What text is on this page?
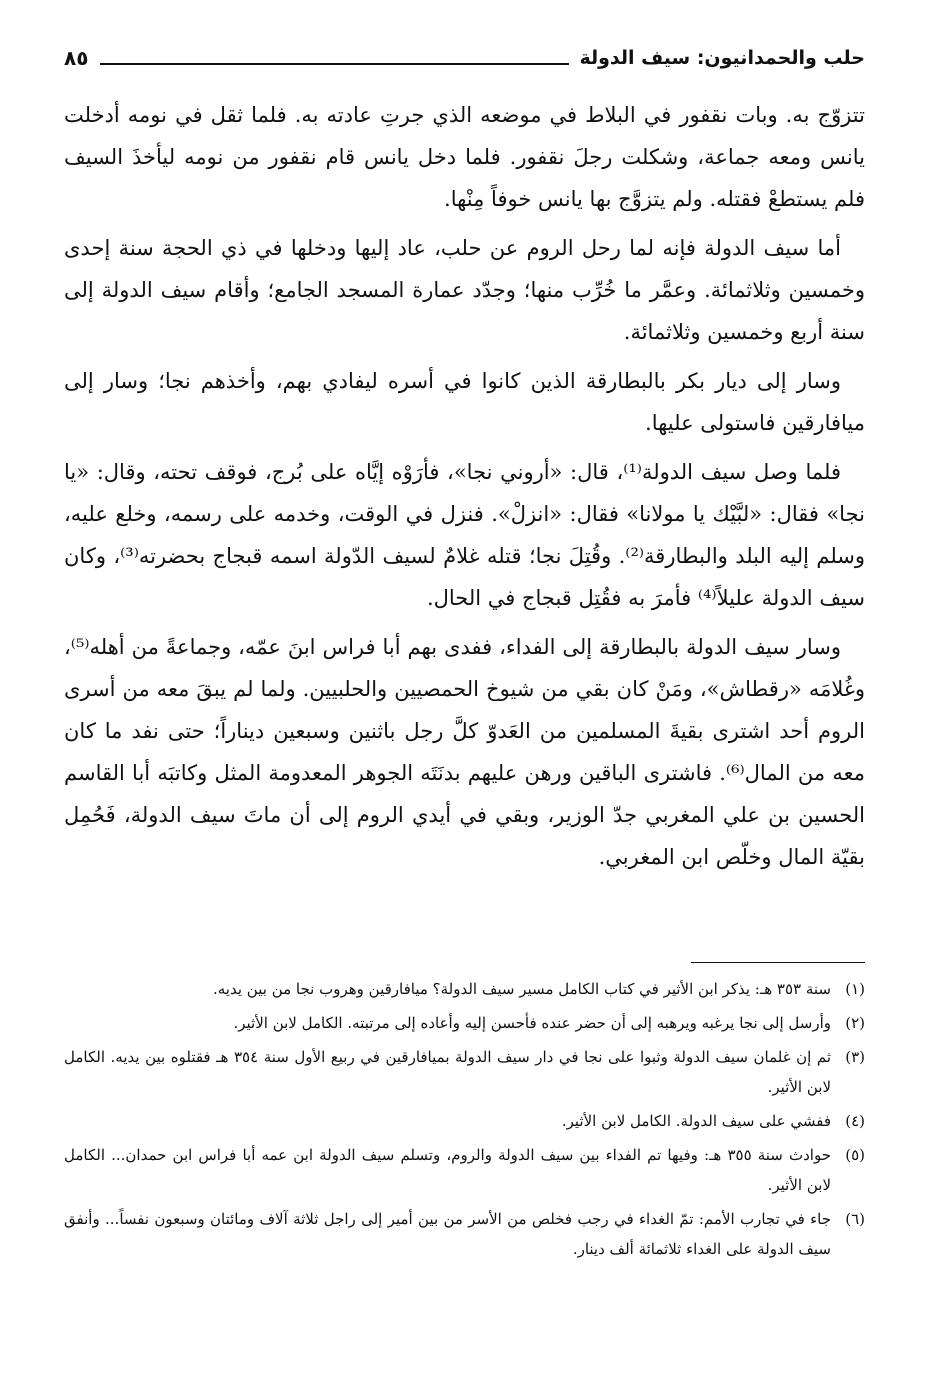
حلب والحمدانيون: سيف الدولة
٨٥

تتزوّج به. وبات نقفور في البلاط في موضعه الذي جرتِ عادته به. فلما ثقل في نومه أدخلت يانس ومعه جماعة، وشكلت رجلَ نقفور. فلما دخل يانس قام نقفور من نومه ليأخذَ السيف فلم يستطعْ فقتله. ولم يتزوَّج بها يانس خوفاً مِنْها.

أما سيف الدولة فإنه لما رحل الروم عن حلب، عاد إليها ودخلها في ذي الحجة سنة إحدى وخمسين وثلاثمائة. وعمَّر ما خُرِّب منها؛ وجدّد عمارة المسجد الجامع؛ وأقام سيف الدولة إلى سنة أربع وخمسين وثلاثمائة.

وسار إلى ديار بكر بالبطارقة الذين كانوا في أسره ليفادي بهم، وأخذهم نجا؛ وسار إلى ميافارقين فاستولى عليها.

فلما وصل سيف الدولة⁽¹⁾، قال: «أروني نجا»، فأرَوْه إيَّاه على بُرج، فوقف تحته، وقال: «يا نجا» فقال: «لبَّيْك يا مولانا» فقال: «انزلْ». فنزل في الوقت، وخدمه على رسمه، وخلع عليه، وسلم إليه البلد والبطارقة⁽²⁾. وقُتِلَ نجا؛ قتله غلامٌ لسيف الدّولة اسمه قبجاج بحضرته⁽³⁾، وكان سيف الدولة عليلاً⁽⁴⁾ فأمرَ به فقُتِل قبجاج في الحال.

وسار سيف الدولة بالبطارقة إلى الفداء، ففدى بهم أبا فراس ابنَ عمّه، وجماعةً من أهله⁽⁵⁾، وغُلامَه «رقطاش»، ومَنْ كان بقي من شيوخ الحمصيين والحلبيين. ولما لم يبقَ معه من أسرى الروم أحد اشترى بقيةَ المسلمين من العَدوّ كلَّ رجل باثنين وسبعين ديناراً؛ حتى نفد ما كان معه من المال⁽⁶⁾. فاشترى الباقين ورهن عليهم بدنَتَه الجوهر المعدومة المثل وكاتبَه أبا القاسم الحسين بن علي المغربي جدّ الوزير، وبقي في أيدي الروم إلى أن ماتَ سيف الدولة، فَحُمِل بقيّة المال وخلّص ابن المغربي.

(١)
سنة ٣٥٣ هـ: يذكر ابن الأثير في كتاب الكامل مسير سيف الدولة؟ ميافارقين وهروب نجا من بين يديه.
(٢)
وأرسل إلى نجا يرغبه ويرهبه إلى أن حضر عنده فأحسن إليه وأعاده إلى مرتبته. الكامل لابن الأثير.
(٣)
ثم إن غلمان سيف الدولة وثبوا على نجا في دار سيف الدولة بميافارقين في ربيع الأول سنة ٣٥٤ هـ فقتلوه بين يديه. الكامل لابن الأثير.
(٤)
ففشي على سيف الدولة. الكامل لابن الأثير.
(٥)
حوادث سنة ٣٥٥ هـ: وفيها تم الفداء بين سيف الدولة والروم، وتسلم سيف الدولة ابن عمه أبا فراس ابن حمدان... الكامل لابن الأثير.
(٦)
جاء في تجارب الأمم: تمّ الغداء في رجب فخلص من الأسر من بين أمير إلى راجل ثلاثة آلاف ومائتان وسبعون نفساً... وأنفق سيف الدولة على الغداء ثلاثمائة ألف دينار.
